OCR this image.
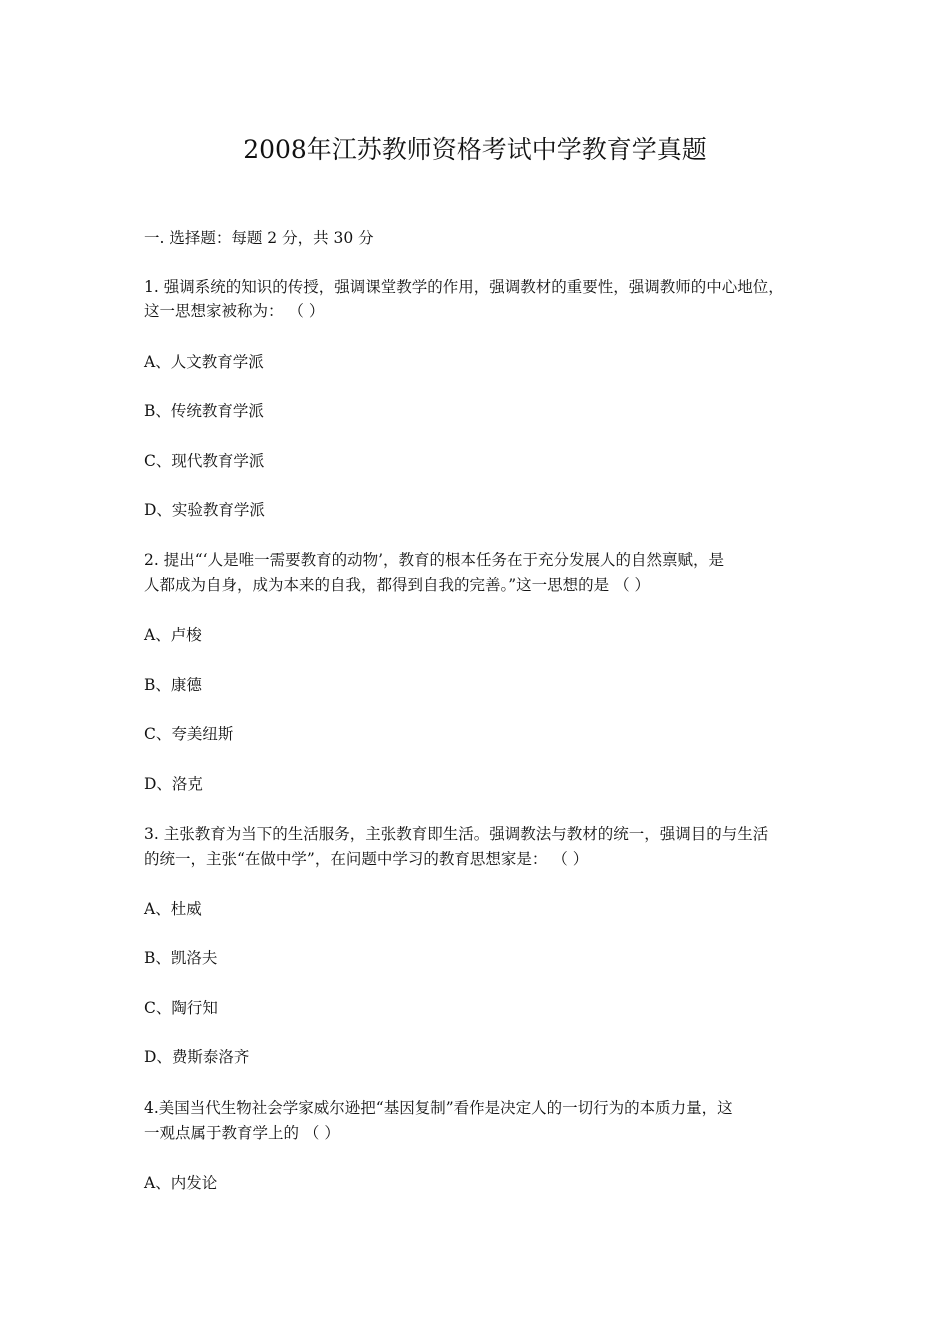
2008年江苏教师资格考试中学教育学真题
一. 选择题：每题 2 分，共 30 分
1. 强调系统的知识的传授，强调课堂教学的作用，强调教材的重要性，强调教师的中心地位，
这一思想家被称为： （ ）
A、人文教育学派
B、传统教育学派
C、现代教育学派
D、实验教育学派
2. 提出“‘人是唯一需要教育的动物’，教育的根本任务在于充分发展人的自然禀赋，是
人都成为自身，成为本来的自我，都得到自我的完善。”这一思想的是 （ ）
A、卢梭
B、康德
C、夸美纽斯
D、洛克
3. 主张教育为当下的生活服务，主张教育即生活。强调教法与教材的统一，强调目的与生活
的统一，主张“在做中学”，在问题中学习的教育思想家是： （ ）
A、杜威
B、凯洛夫
C、陶行知
D、费斯泰洛齐
4.美国当代生物社会学家威尔逊把“基因复制”看作是决定人的一切行为的本质力量，这
一观点属于教育学上的 （ ）
A、内发论
